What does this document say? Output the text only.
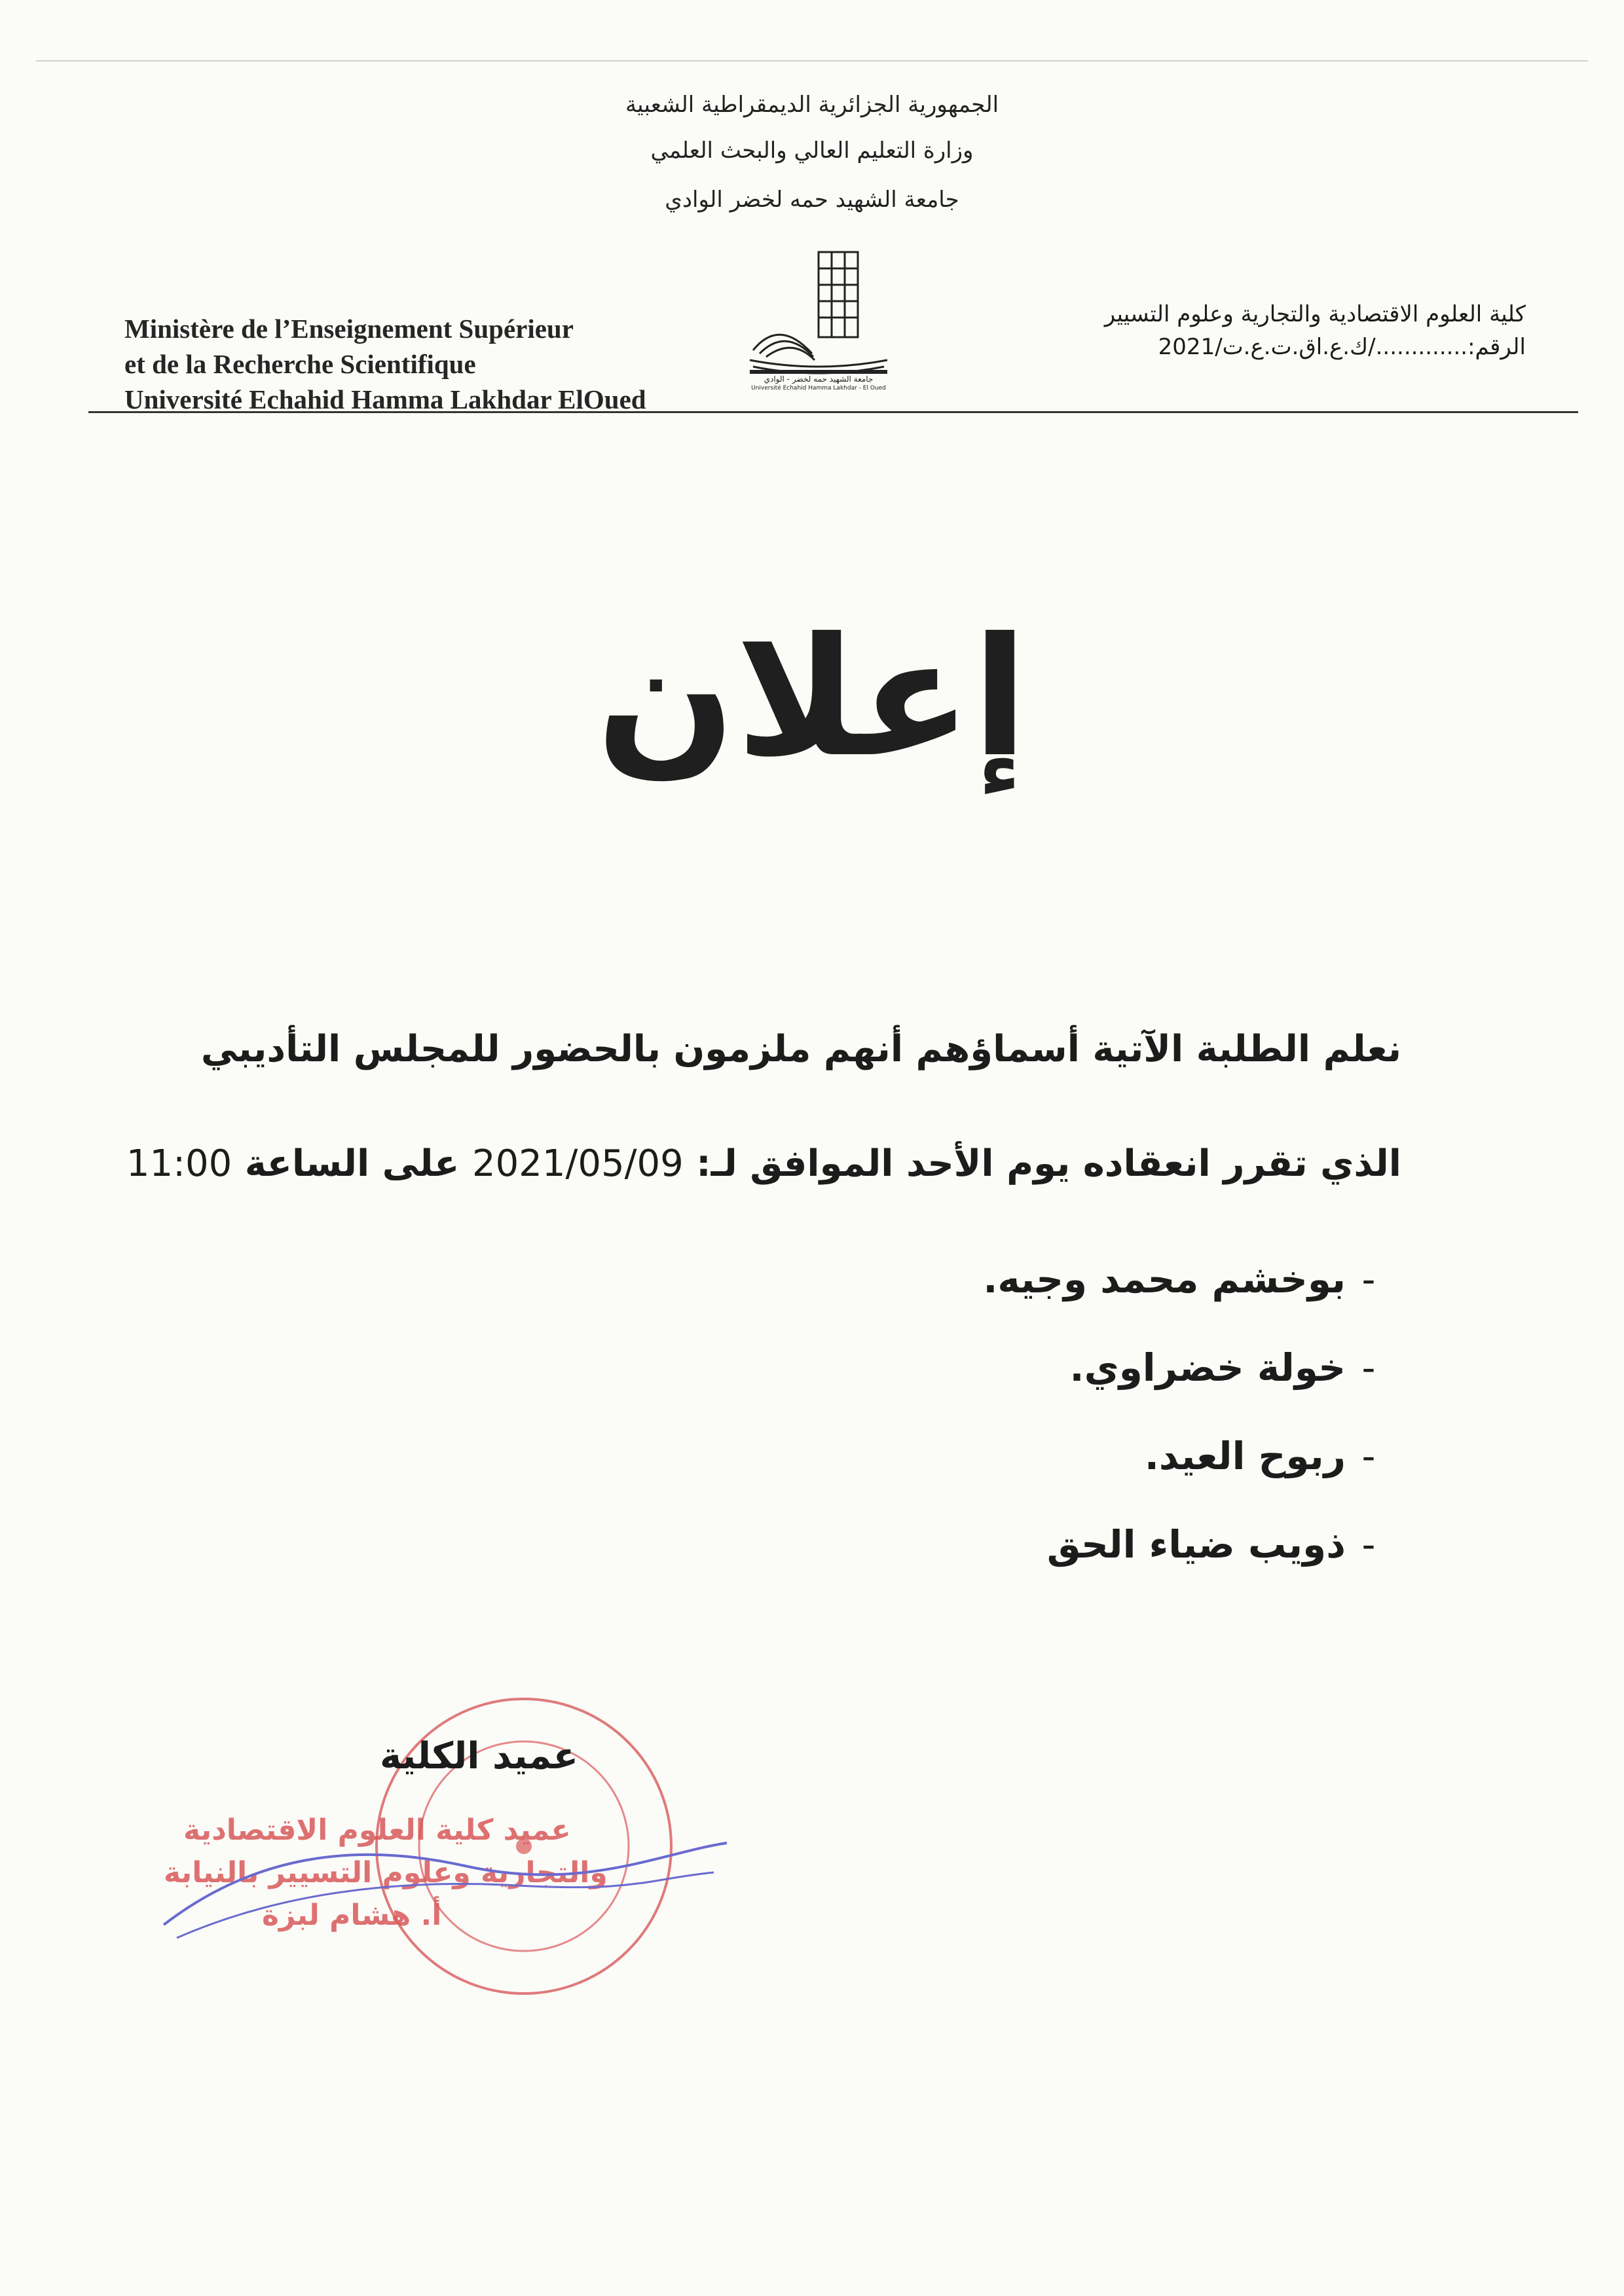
الجمهورية الجزائرية الديمقراطية الشعبية
وزارة التعليم العالي والبحث العلمي
جامعة الشهيد حمه لخضر الوادي
Ministère de l’Enseignement Supérieur
et de la Recherche Scientifique
Université Echahid Hamma Lakhdar ElOued
جامعة الشهيد حمه لخضر - الوادي
Université Echahid Hamma Lakhdar - El Oued
كلية العلوم الاقتصادية والتجارية وعلوم التسيير
الرقم:............./ك.ع.اق.ت.ع.ت/2021
إعلان
نعلم الطلبة الآتية أسماؤهم أنهم ملزمون بالحضور للمجلس التأديبي
الذي تقرر انعقاده يوم الأحد الموافق لـ: 2021/05/09 على الساعة 11:00
-بوخشم محمد وجيه.
-خولة خضراوي.
-ربوح العيد.
-ذويب ضياء الحق
عميد الكلية
عميد كلية العلوم الاقتصادية
والتجارية وعلوم التسيير بالنيابة
أ. هشام لبزة
